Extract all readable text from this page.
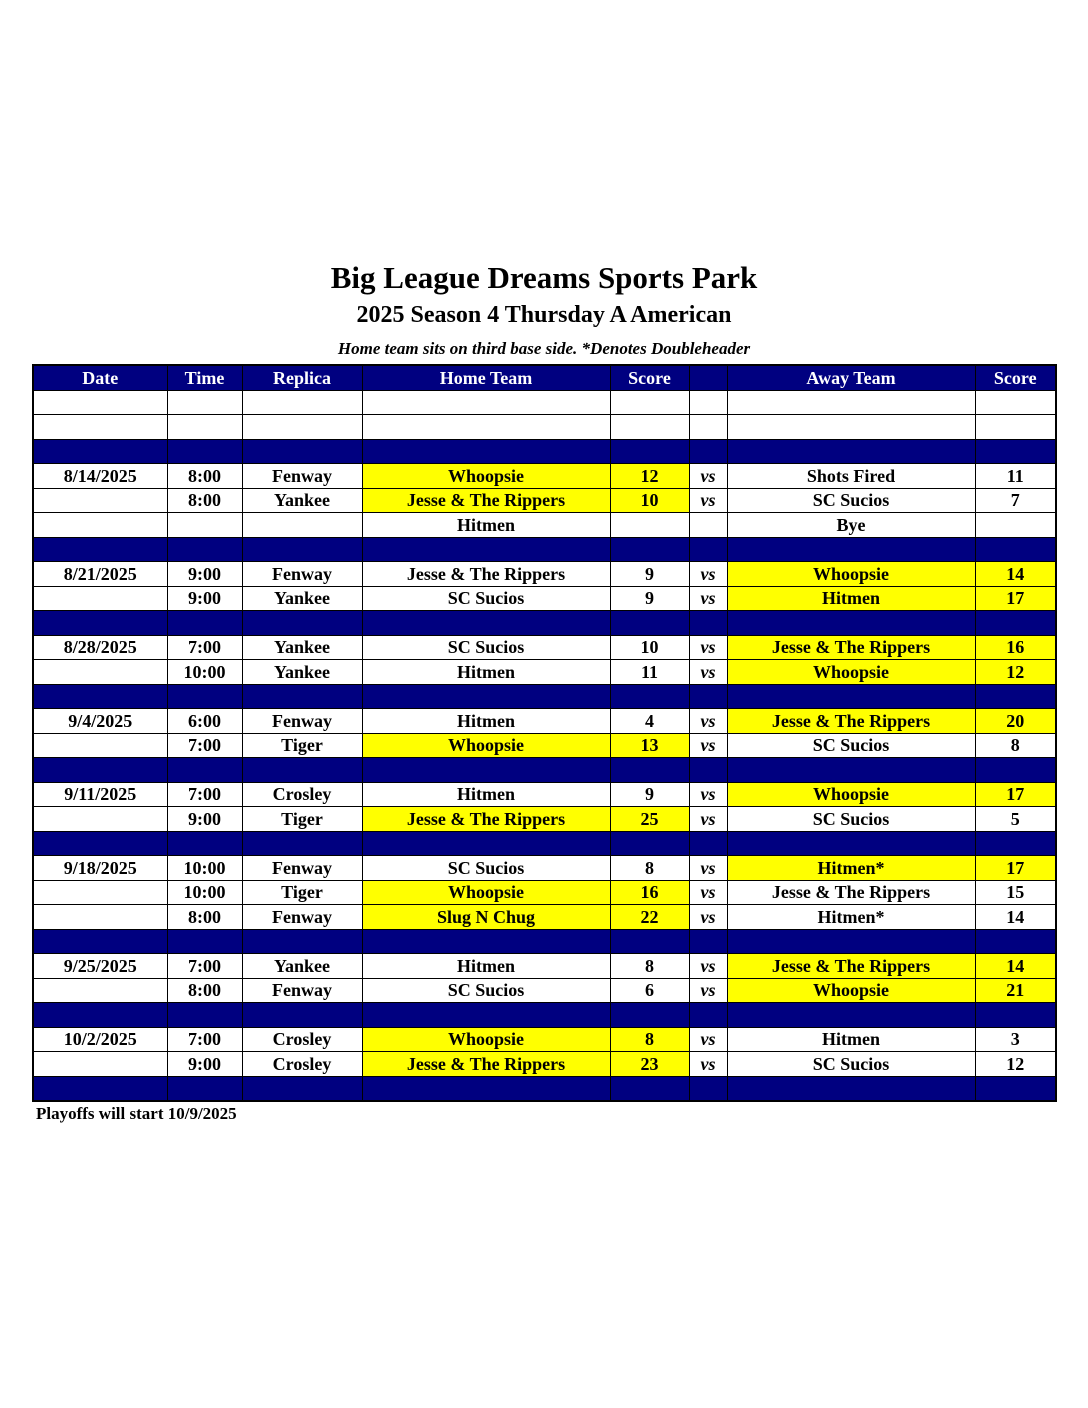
Big League Dreams Sports Park
2025 Season 4 Thursday A American
Home team sits on third base side. *Denotes Doubleheader
Date	Time	Replica	Home Team	Score		Away Team	Score

8/14/2025	8:00	Fenway	Whoopsie	12	vs	Shots Fired	11
	8:00	Yankee	Jesse & The Rippers	10	vs	SC Sucios	7
			Hitmen			Bye	

8/21/2025	9:00	Fenway	Jesse & The Rippers	9	vs	Whoopsie	14
	9:00	Yankee	SC Sucios	9	vs	Hitmen	17

8/28/2025	7:00	Yankee	SC Sucios	10	vs	Jesse & The Rippers	16
	10:00	Yankee	Hitmen	11	vs	Whoopsie	12

9/4/2025	6:00	Fenway	Hitmen	4	vs	Jesse & The Rippers	20
	7:00	Tiger	Whoopsie	13	vs	SC Sucios	8

9/11/2025	7:00	Crosley	Hitmen	9	vs	Whoopsie	17
	9:00	Tiger	Jesse & The Rippers	25	vs	SC Sucios	5

9/18/2025	10:00	Fenway	SC Sucios	8	vs	Hitmen*	17
	10:00	Tiger	Whoopsie	16	vs	Jesse & The Rippers	15
	8:00	Fenway	Slug N Chug	22	vs	Hitmen*	14

9/25/2025	7:00	Yankee	Hitmen	8	vs	Jesse & The Rippers	14
	8:00	Fenway	SC Sucios	6	vs	Whoopsie	21

10/2/2025	7:00	Crosley	Whoopsie	8	vs	Hitmen	3
	9:00	Crosley	Jesse & The Rippers	23	vs	SC Sucios	12

Playoffs will start 10/9/2025
